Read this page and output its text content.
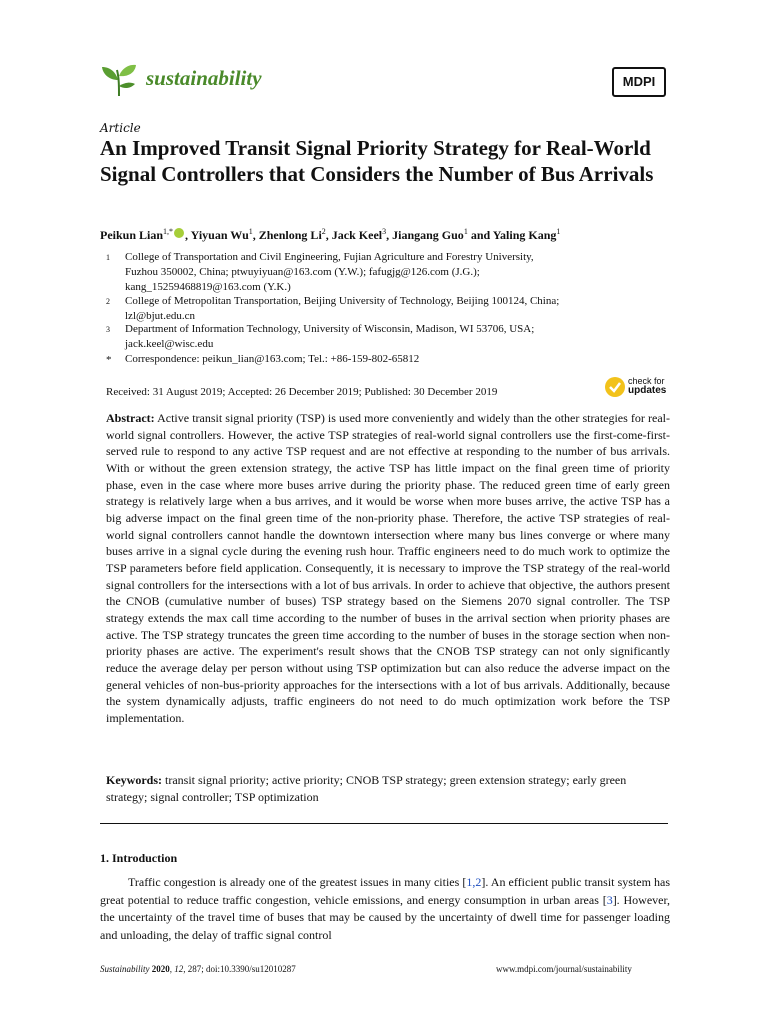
sustainability	MDPI
Article
An Improved Transit Signal Priority Strategy for Real-World Signal Controllers that Considers the Number of Bus Arrivals
Peikun Lian$^{1,*}$ , Yiyuan Wu$^1$, Zhenlong Li$^2$, Jack Keel$^3$, Jiangang Guo$^1$ and Yaling Kang$^1$
1 College of Transportation and Civil Engineering, Fujian Agriculture and Forestry University,
Fuzhou 350002, China; ptwuyiyuan@163.com (Y.W.); fafugjg@126.com (J.G.);
kang_15259468819@163.com (Y.K.)
2 College of Metropolitan Transportation, Beijing University of Technology, Beijing 100124, China;
lzl@bjut.edu.cn
3 Department of Information Technology, University of Wisconsin, Madison, WI 53706, USA;
jack.keel@wisc.edu
* Correspondence: peikun_lian@163.com; Tel.: +86-159-802-65812
Received: 31 August 2019; Accepted: 26 December 2019; Published: 30 December 2019
check for
updates
Abstract: Active transit signal priority (TSP) is used more conveniently and widely than the other strategies for real-world signal controllers. However, the active TSP strategies of real-world signal controllers use the first-come-first-served rule to respond to any active TSP request and are not effective at responding to the number of bus arrivals. With or without the green extension strategy, the active TSP has little impact on the final green time of priority phase, even in the case where more buses arrive during the priority phase. The reduced green time of early green strategy is relatively large when a bus arrives, and it would be worse when more buses arrive, the active TSP has a big adverse impact on the final green time of the non-priority phase. Therefore, the active TSP strategies of real-world signal controllers cannot handle the downtown intersection where many bus lines converge or where many buses arrive in a signal cycle during the evening rush hour. Traffic engineers need to do much work to optimize the TSP parameters before field application. Consequently, it is necessary to improve the TSP strategy of the real-world signal controllers for the intersections with a lot of bus arrivals. In order to achieve that objective, the authors present the CNOB (cumulative number of buses) TSP strategy based on the Siemens 2070 signal controller. The TSP strategy extends the max call time according to the number of buses in the arrival section when priority phases are active. The TSP strategy truncates the green time according to the number of buses in the storage section when non-priority phases are active. The experiment's result shows that the CNOB TSP strategy can not only significantly reduce the average delay per person without using TSP optimization but can also reduce the adverse impact on the general vehicles of non-bus-priority approaches for the intersections with a lot of bus arrivals. Additionally, because the system dynamically adjusts, traffic engineers do not need to do much optimization work before the TSP implementation.
Keywords: transit signal priority; active priority; CNOB TSP strategy; green extension strategy; early green strategy; signal controller; TSP optimization
1. Introduction
Traffic congestion is already one of the greatest issues in many cities [1,2]. An efficient public transit system has great potential to reduce traffic congestion, vehicle emissions, and energy consumption in urban areas [3]. However, the uncertainty of the travel time of buses that may be caused by the uncertainty of dwell time for passenger loading and unloading, the delay of traffic signal control
Sustainability 2020, 12, 287; doi:10.3390/su12010287	www.mdpi.com/journal/sustainability
